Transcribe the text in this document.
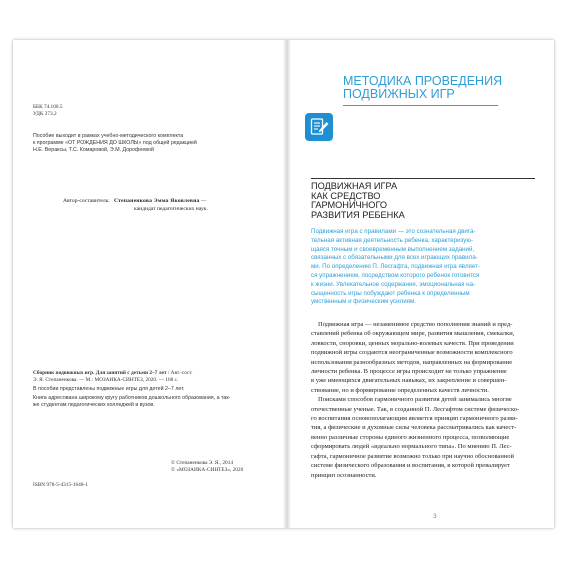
ББК 74.100.5
УДК 373.2
Пособие выходит в рамках учебно-методического комплекта
к программе «ОТ РОЖДЕНИЯ ДО ШКОЛЫ» под общей редакцией
Н.Е. Вераксы, Т.С. Комаровой, Э.М. Дорофеевой
Автор-составитель: Степаненкова Эмма Яковлевна —
кандидат педагогических наук.

Сборник подвижных игр. Для занятий с детьми 2–7 лет / Авт.-сост.
Э. Я. Степаненкова. — М.: МОЗАИКА-СИНТЕЗ, 2020. — 168 с.

В пособии представлены подвижные игры для детей 2–7 лет.

Книга адресована широкому кругу работников дошкольного образования, а так-
же студентам педагогических колледжей и вузов.

ISBN 978-5-4315-1648-1
© Степаненкова Э. Я., 2014
© «МОЗАИКА-СИНТЕЗ», 2020
МЕТОДИКА ПРОВЕДЕНИЯ
ПОДВИЖНЫХ ИГР
ПОДВИЖНАЯ ИГРА
КАК СРЕДСТВО
ГАРМОНИЧНОГО
РАЗВИТИЯ РЕБЕНКА
Подвижная игра с правилами — это сознательная двига-
тельная активная деятельность ребенка, характеризую-
щаяся точным и своевременным выполнением заданий,
связанных с обязательными для всех играющих правила-
ми. По определению П. Лесгафта, подвижная игра являет-
ся упражнением, посредством которого ребенок готовится
к жизни. Увлекательное содержание, эмоциональная на-
сыщенность игры побуждают ребенка к определенным
умственным и физическим усилиям.
Подвижная игра — незаменимое средство пополнения знаний и пред-
ставлений ребенка об окружающем мире, развития мышления, смекалки,
ловкости, сноровки, ценных морально-волевых качеств. При проведении
подвижной игры создаются неограниченные возможности комплексного
использования разнообразных методов, направленных на формирование
личности ребенка. В процессе игры происходит не только упражнение
в уже имеющихся двигательных навыках, их закрепление и совершен-
ствование, но и формирование определенных качеств личности.
Поисками способов гармоничного развития детей занимались многие
отечественные ученые. Так, в созданной П. Лесгафтом системе физическо-
го воспитания основополагающим является принцип гармоничного разви-
тия, а физические и духовные силы человека рассматривались как качест-
венно различные стороны единого жизненного процесса, позволяющие
сформировать людей «идеально нормального типа». По мнению П. Лес-
гафта, гармоничное развитие возможно только при научно обоснованной
системе физического образования и воспитания, в которой превалирует
принцип осознанности.
3
